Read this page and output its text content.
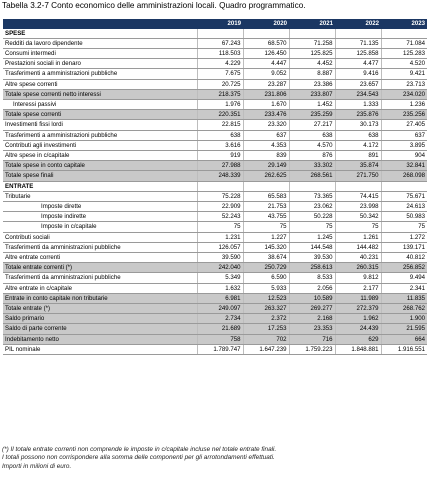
Tabella 3.2-7 Conto economico delle amministrazioni locali. Quadro programmatico.
	2019	2020	2021	2022	2023
SPESE					
Redditi da lavoro dipendente	67.243	68.570	71.258	71.135	71.084
Consumi intermedi	118.503	126.450	125.825	125.858	125.283
Prestazioni sociali in denaro	4.229	4.447	4.452	4.477	4.520
Trasferimenti a amministrazioni pubbliche	7.675	9.052	8.887	9.416	9.421
Altre spese correnti	20.725	23.287	23.386	23.657	23.713
Totale spese correnti netto interessi	218.375	231.806	233.807	234.543	234.020
Interessi passivi	1.976	1.670	1.452	1.333	1.236
Totale spese correnti	220.351	233.476	235.259	235.876	235.256
Investimenti fissi lordi	22.815	23.320	27.217	30.173	27.405
Trasferimenti a amministrazioni pubbliche	638	637	638	638	637
Contributi agli investimenti	3.616	4.353	4.570	4.172	3.895
Altre spese in c/capitale	919	839	876	891	904
Totale spese in conto capitale	27.988	29.149	33.302	35.874	32.841
Totale spese finali	248.339	262.625	268.561	271.750	268.098
ENTRATE					
Tributarie	75.228	65.583	73.365	74.415	75.671
Imposte dirette	22.909	21.753	23.062	23.998	24.613
Imposte indirette	52.243	43.755	50.228	50.342	50.983
Imposte in c/capitale	75	75	75	75	75
Contributi sociali	1.231	1.227	1.245	1.261	1.272
Trasferimenti da amministrazioni pubbliche	126.057	145.320	144.548	144.482	139.171
Altre entrate correnti	39.590	38.674	39.530	40.231	40.812
Totale entrate correnti (*)	242.040	250.729	258.613	260.315	256.852
Trasferimenti da amministrazioni pubbliche	5.349	6.590	8.533	9.812	9.494
Altre entrate in c/capitale	1.632	5.933	2.056	2.177	2.341
Entrate in conto capitale non tributarie	6.981	12.523	10.589	11.989	11.835
Totale entrate (*)	249.097	263.327	269.277	272.379	268.762
Saldo primario	2.734	2.372	2.168	1.962	1.900
Saldo di parte corrente	21.689	17.253	23.353	24.439	21.595
Indebitamento netto	758	702	716	629	664
PIL nominale	1.789.747	1.647.239	1.759.223	1.848.881	1.916.551
(*) Il totale entrate correnti non comprende le imposte in c/capitale incluse nel totale entrate finali.
I totali possono non corrispondere alla somma delle componenti per gli arrotondamenti effettuati.
Importi in milioni di euro.
